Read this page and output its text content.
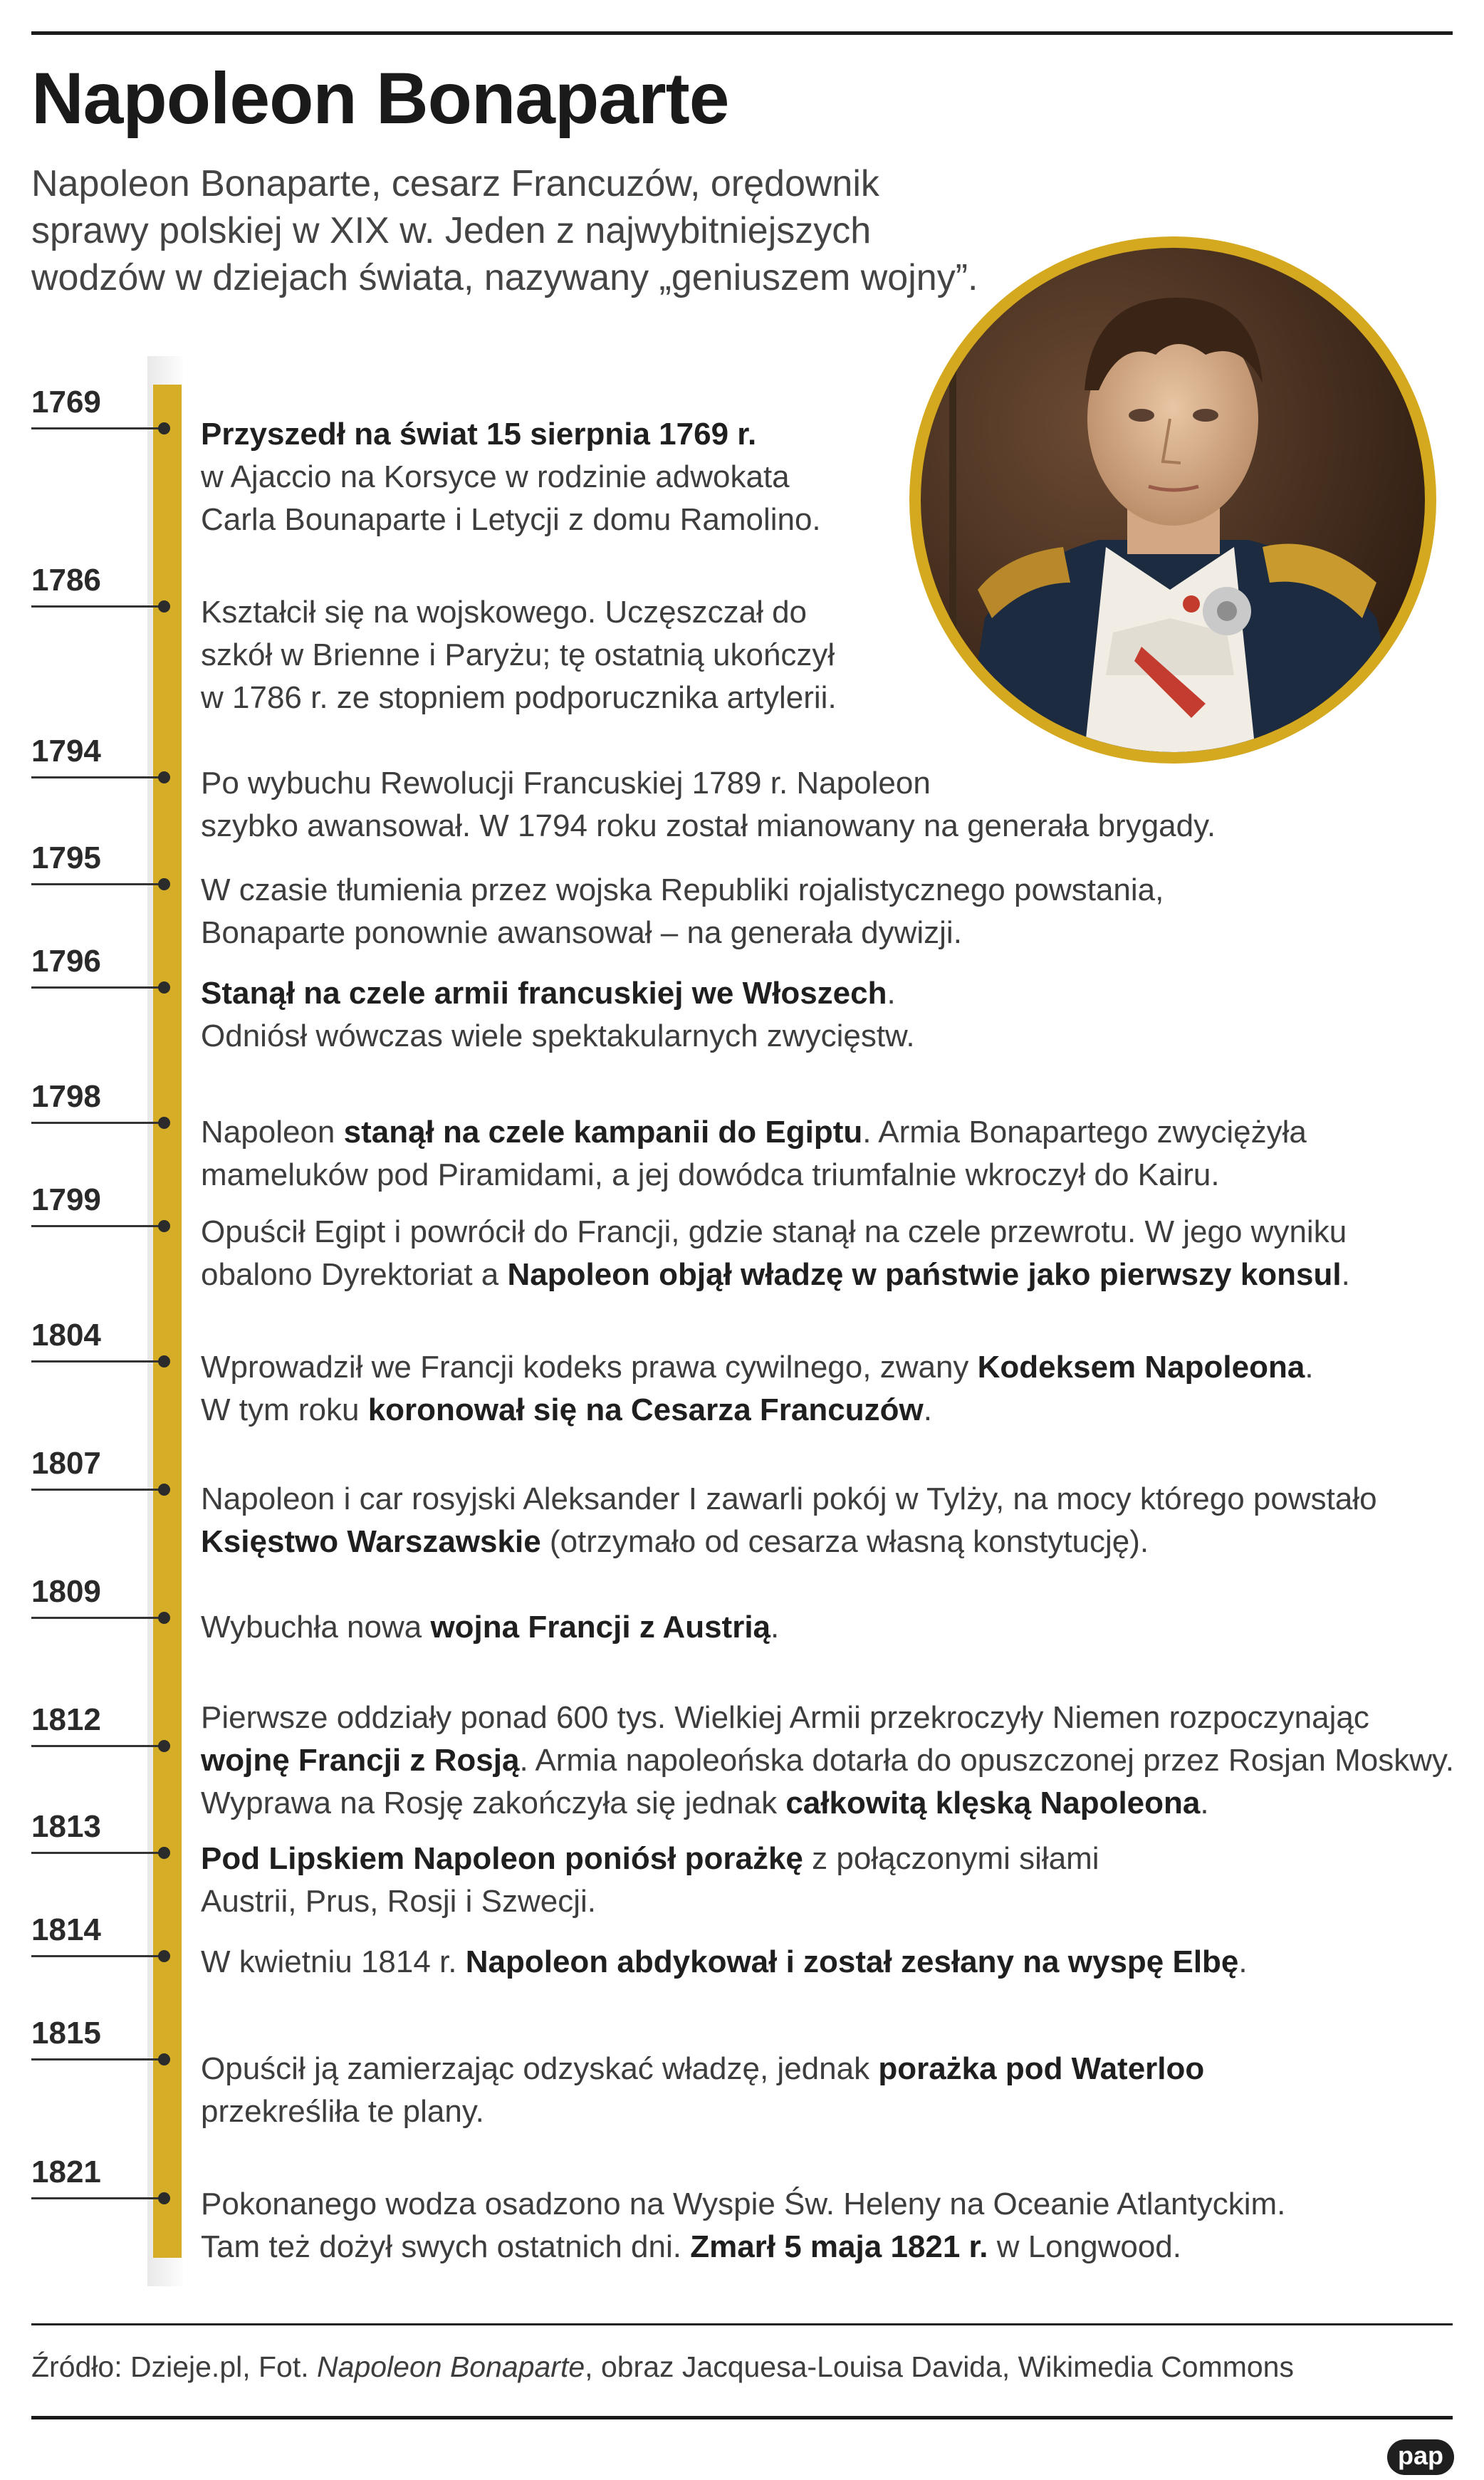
Napoleon Bonaparte
Napoleon Bonaparte, cesarz Francuzów, orędownik
sprawy polskiej w XIX w. Jeden z najwybitniejszych
wodzów w dziejach świata, nazywany „geniuszem wojny”.
1769
Przyszedł na świat 15 sierpnia 1769 r.
w Ajaccio na Korsyce w rodzinie adwokata
Carla Bounaparte i Letycji z domu Ramolino.
1786
Kształcił się na wojskowego. Uczęszczał do
szkół w Brienne i Paryżu; tę ostatnią ukończył
w 1786 r. ze stopniem podporucznika artylerii.
1794
Po wybuchu Rewolucji Francuskiej 1789 r. Napoleon
szybko awansował. W 1794 roku został mianowany na generała brygady.
1795
W czasie tłumienia przez wojska Republiki rojalistycznego powstania,
Bonaparte ponownie awansował – na generała dywizji.
1796
Stanął na czele armii francuskiej we Włoszech.
Odniósł wówczas wiele spektakularnych zwycięstw.
1798
Napoleon stanął na czele kampanii do Egiptu. Armia Bonapartego zwyciężyła
mameluków pod Piramidami, a jej dowódca triumfalnie wkroczył do Kairu.
1799
Opuścił Egipt i powrócił do Francji, gdzie stanął na czele przewrotu. W jego wyniku
obalono Dyrektoriat a Napoleon objął władzę w państwie jako pierwszy konsul.
1804
Wprowadził we Francji kodeks prawa cywilnego, zwany Kodeksem Napoleona.
W tym roku koronował się na Cesarza Francuzów.
1807
Napoleon i car rosyjski Aleksander I zawarli pokój w Tylży, na mocy którego powstało
Księstwo Warszawskie (otrzymało od cesarza własną konstytucję).
1809
Wybuchła nowa wojna Francji z Austrią.
1812	Pierwsze oddziały ponad 600 tys. Wielkiej Armii przekroczyły Niemen rozpoczynając
wojnę Francji z Rosją. Armia napoleońska dotarła do opuszczonej przez Rosjan Moskwy.
Wyprawa na Rosję zakończyła się jednak całkowitą klęską Napoleona.
1813
Pod Lipskiem Napoleon poniósł porażkę z połączonymi siłami
Austrii, Prus, Rosji i Szwecji.
1814
W kwietniu 1814 r. Napoleon abdykował i został zesłany na wyspę Elbę.
1815
Opuścił ją zamierzając odzyskać władzę, jednak porażka pod Waterloo
przekreśliła te plany.
1821
Pokonanego wodza osadzono na Wyspie Św. Heleny na Oceanie Atlantyckim.
Tam też dożył swych ostatnich dni. Zmarł 5 maja 1821 r. w Longwood.
Źródło: Dzieje.pl, Fot. Napoleon Bonaparte, obraz Jacquesa-Louisa Davida, Wikimedia Commons
pap
